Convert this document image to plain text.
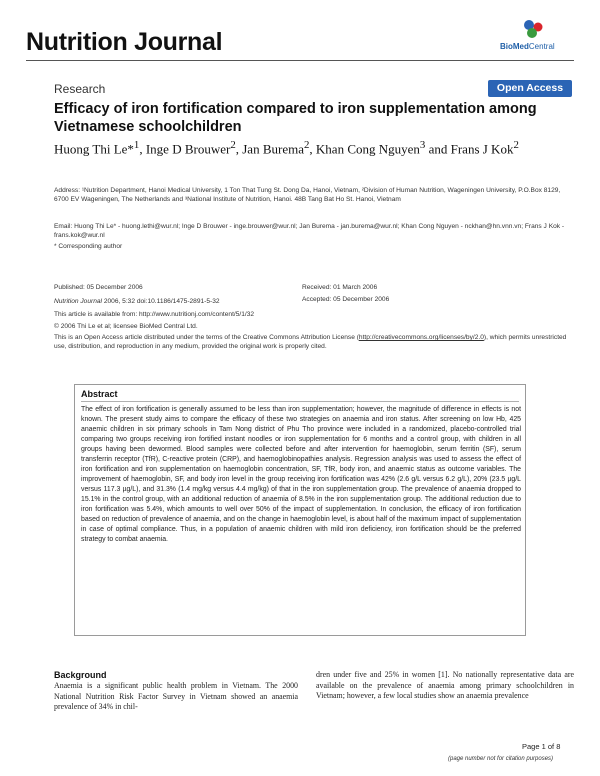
Nutrition Journal	BioMedCentral
Research	Open Access
Efficacy of iron fortification compared to iron supplementation among Vietnamese schoolchildren
Huong Thi Le*$^1$, Inge D Brouwer$^2$, Jan Burema$^2$, Khan Cong Nguyen$^3$ and Frans J Kok$^2$
Address: ¹Nutrition Department, Hanoi Medical University, 1 Ton That Tung St. Dong Da, Hanoi, Vietnam, ²Division of Human Nutrition, Wageningen University, P.O.Box 8129, 6700 EV Wageningen, The Netherlands and ³National Institute of Nutrition, Hanoi. 48B Tang Bat Ho St. Hanoi, Vietnam
Email: Huong Thi Le* - huong.lethi@wur.nl; Inge D Brouwer - inge.brouwer@wur.nl; Jan Burema - jan.burema@wur.nl; Khan Cong Nguyen - nckhan@hn.vnn.vn; Frans J Kok - frans.kok@wur.nl
* Corresponding author
Published: 05 December 2006
Nutrition Journal 2006, 5:32 doi:10.1186/1475-2891-5-32
Received: 01 March 2006
Accepted: 05 December 2006
This article is available from: http://www.nutritionj.com/content/5/1/32
© 2006 Thi Le et al; licensee BioMed Central Ltd.
This is an Open Access article distributed under the terms of the Creative Commons Attribution License (http://creativecommons.org/licenses/by/2.0), which permits unrestricted use, distribution, and reproduction in any medium, provided the original work is properly cited.
Abstract
The effect of iron fortification is generally assumed to be less than iron supplementation; however, the magnitude of difference in effects is not known. The present study aims to compare the efficacy of these two strategies on anaemia and iron status. After screening on low Hb, 425 anaemic children in six primary schools in Tam Nong district of Phu Tho province were included in a randomized, placebo-controlled trial comparing two groups receiving iron fortified instant noodles or iron supplementation for 6 months and a control group, with children in all groups having been dewormed. Blood samples were collected before and after intervention for haemoglobin, serum ferritin (SF), serum transferrin receptor (TfR), C-reactive protein (CRP), and haemoglobinopathies analysis. Regression analysis was used to assess the effect of iron fortification and iron supplementation on haemoglobin concentration, SF, TfR, body iron, and anaemic status as outcome variables. The improvement of haemoglobin, SF, and body iron level in the group receiving iron fortification was 42% (2.6 g/L versus 6.2 g/L), 20% (23.5 µg/L versus 117.3 µg/L), and 31.3% (1.4 mg/kg versus 4.4 mg/kg) of that in the iron supplementation group. The prevalence of anaemia dropped to 15.1% in the control group, with an additional reduction of anaemia of 8.5% in the iron supplementation group. The additional reduction due to iron fortification was 5.4%, which amounts to well over 50% of the impact of supplementation. In conclusion, the efficacy of iron fortification based on reduction of prevalence of anaemia, and on the change in haemoglobin level, is about half of the maximum impact of supplementation in case of optimal compliance. Thus, in a population of anaemic children with mild iron deficiency, iron fortification should be the preferred strategy to combat anaemia.
Background
Anaemia is a significant public health problem in Vietnam. The 2000 National Nutrition Risk Factor Survey in Vietnam showed an anaemia prevalence of 34% in chil-
dren under five and 25% in women [1]. No nationally representative data are available on the prevalence of anaemia among primary schoolchildren in Vietnam; however, a few local studies show an anaemia prevalence
Page 1 of 8
(page number not for citation purposes)
